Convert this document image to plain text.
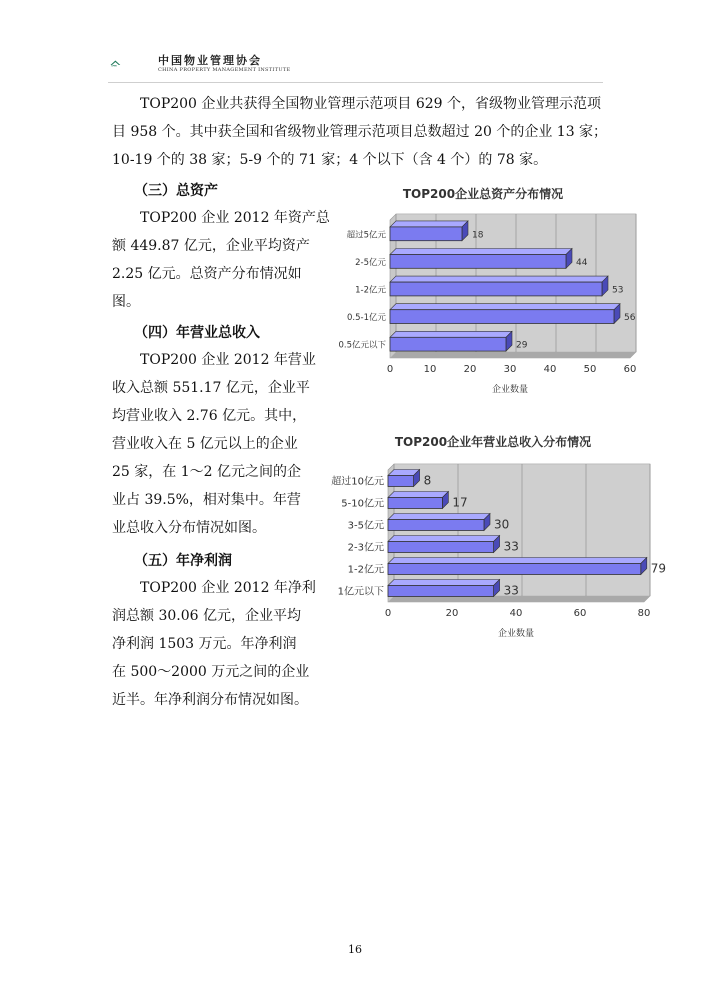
CPMI	中国物业管理协会
CHINA PROPERTY MANAGEMENT INSTITUTE
TOP200 企业共获得全国物业管理示范项目 629 个，省级物业管理示范项
目 958 个。其中获全国和省级物业管理示范项目总数超过 20 个的企业 13 家；
10-19 个的 38 家；5-9 个的 71 家；4 个以下（含 4 个）的 78 家。
（三）总资产
TOP200 企业 2012 年资产总
额 449.87 亿元，企业平均资产
2.25 亿元。总资产分布情况如
图。
（四）年营业总收入
TOP200 企业 2012 年营业
收入总额 551.17 亿元，企业平
均营业收入 2.76 亿元。其中，
营业收入在 5 亿元以上的企业
25 家，在 1～2 亿元之间的企
业占 39.5%，相对集中。年营
业总收入分布情况如图。
（五）年净利润
TOP200 企业 2012 年净利
润总额 30.06 亿元，企业平均
净利润 1503 万元。年净利润
在 500～2000 万元之间的企业
近半。年净利润分布情况如图。
TOP200企业总资产分布情况
0	10	20	30	40	50	60
企业数量
超过5亿元	18
2-5亿元	44
1-2亿元	53
0.5-1亿元	56
0.5亿元以下	29
TOP200企业年营业总收入分布情况
0	20	40	60	80
企业数量
超过10亿元	8
5-10亿元	17
3-5亿元	30
2-3亿元	33
1-2亿元	79
1亿元以下	33
16
